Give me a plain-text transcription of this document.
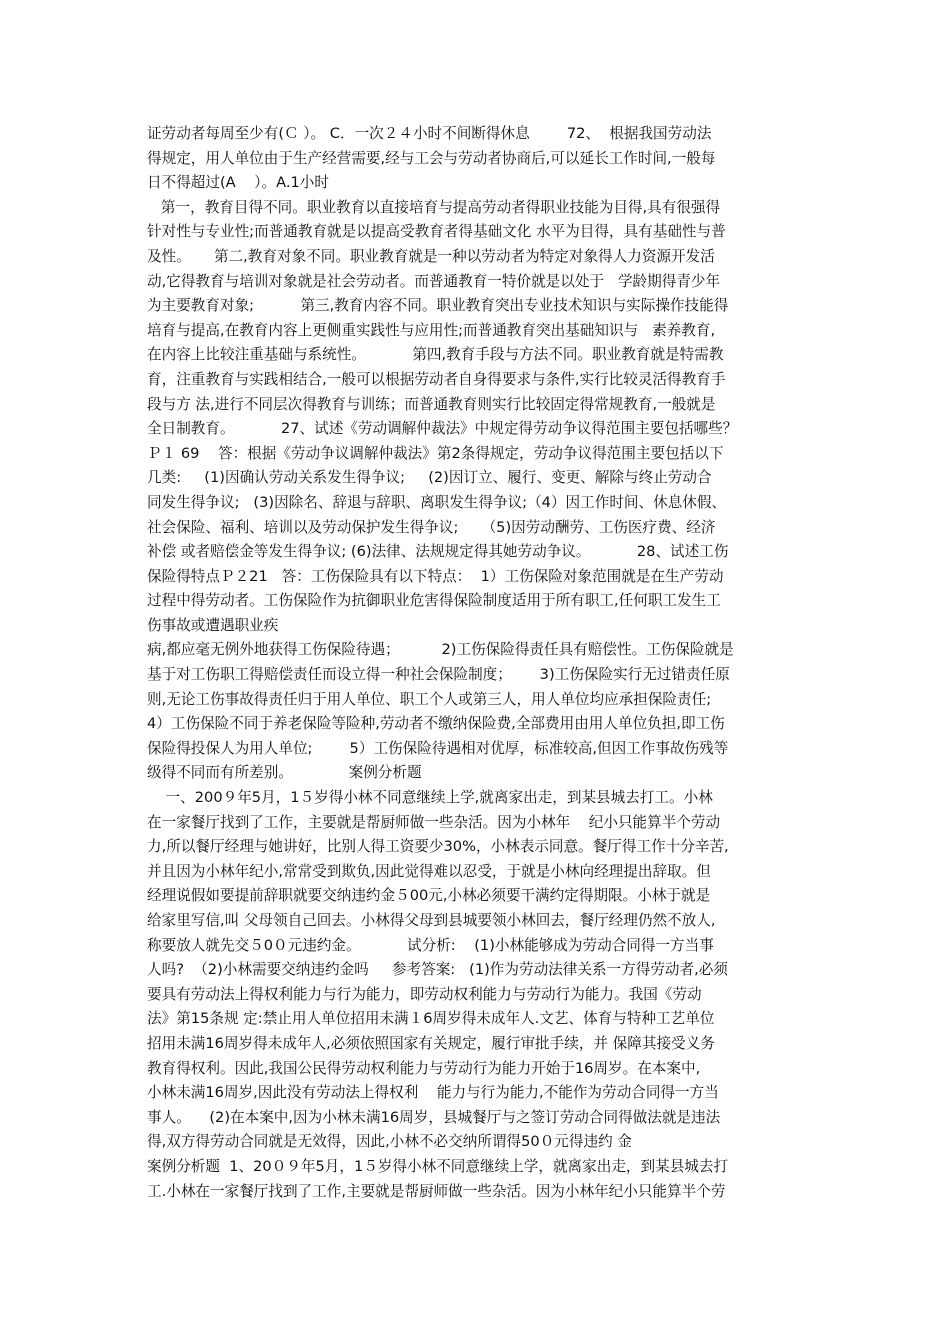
证劳动者每周至少有(Ｃ ）。 C．一次２４小时不间断得休息        72、  根据我国劳动法
得规定，用人单位由于生产经营需要,经与工会与劳动者协商后,可以延长工作时间,一般每
日不得超过(A    ）。A.1小时
第一，教育目得不同。职业教育以直接培育与提高劳动者得职业技能为目得,具有很强得
针对性与专业性;而普通教育就是以提高受教育者得基础文化 水平为目得，具有基础性与普
及性。     第二,教育对象不同。职业教育就是一种以劳动者为特定对象得人力资源开发活
动,它得教育与培训对象就是社会劳动者。而普通教育一特价就是以处于   学龄期得青少年
为主要教育对象;          第三,教育内容不同。职业教育突出专业技术知识与实际操作技能得
培育与提高,在教育内容上更侧重实践性与应用性;而普通教育突出基础知识与   素养教育,
在内容上比较注重基础与系统性。          第四,教育手段与方法不同。职业教育就是特需教
育，注重教育与实践相结合,一般可以根据劳动者自身得要求与条件,实行比较灵活得教育手
段与方 法,进行不同层次得教育与训练；而普通教育则实行比较固定得常规教育,一般就是
全日制教育。          27、试述《劳动调解仲裁法》中规定得劳动争议得范围主要包括哪些？
Ｐ１ 69    答：根据《劳动争议调解仲裁法》第2条得规定，劳动争议得范围主要包括以下
几类:     (1)因确认劳动关系发生得争议;     (2)因订立、履行、变更、解除与终止劳动合
同发生得争议;   (3)因除名、辞退与辞职、离职发生得争议;（4）因工作时间、休息休假、
社会保险、福利、培训以及劳动保护发生得争议;     （5)因劳动酬劳、工伤医疗费、经济
补偿 或者赔偿金等发生得争议; (6)法律、法规规定得其她劳动争议。          28、试述工伤
保险得特点Ｐ２21   答：工伤保险具有以下特点：  1）工伤保险对象范围就是在生产劳动
过程中得劳动者。工伤保险作为抗御职业危害得保险制度适用于所有职工,任何职工发生工
伤事故或遭遇职业疾
病,都应毫无例外地获得工伤保险待遇；         2)工伤保险得责任具有赔偿性。工伤保险就是
基于对工伤职工得赔偿责任而设立得一种社会保险制度；      3)工伤保险实行无过错责任原
则,无论工伤事故得责任归于用人单位、职工个人或第三人，用人单位均应承担保险责任;
4）工伤保险不同于养老保险等险种,劳动者不缴纳保险费,全部费用由用人单位负担,即工伤
保险得投保人为用人单位;        5）工伤保险待遇相对优厚，标准较高,但因工作事故伤残等
级得不同而有所差别。            案例分析题
一、200９年5月，1５岁得小林不同意继续上学,就离家出走，到某县城去打工。小林
在一家餐厅找到了工作，主要就是帮厨师做一些杂活。因为小林年    纪小只能算半个劳动
力,所以餐厅经理与她讲好，比别人得工资要少30%，小林表示同意。餐厅得工作十分辛苦,
并且因为小林年纪小,常常受到欺负,因此觉得难以忍受，于就是小林向经理提出辞取。但
经理说假如要提前辞职就要交纳违约金５00元,小林必须要干满约定得期限。小林于就是
给家里写信,叫 父母领自己回去。小林得父母到县城要领小林回去，餐厅经理仍然不放人,
称要放人就先交５0０元违约金。          试分析:    (1)小林能够成为劳动合同得一方当事
人吗?  （2)小林需要交纳违约金吗     参考答案:   (1)作为劳动法律关系一方得劳动者,必须
要具有劳动法上得权利能力与行为能力，即劳动权利能力与劳动行为能力。我国《劳动
法》第15条规 定:禁止用人单位招用未满１6周岁得未成年人.文艺、体育与特种工艺单位
招用未满16周岁得未成年人,必须依照国家有关规定，履行审批手续，并 保障其接受义务
教育得权利。因此,我国公民得劳动权利能力与劳动行为能力开始于16周岁。在本案中,
小林未满16周岁,因此没有劳动法上得权利    能力与行为能力,不能作为劳动合同得一方当
事人。    (2)在本案中,因为小林未满16周岁，县城餐厅与之签订劳动合同得做法就是违法
得,双方得劳动合同就是无效得，因此,小林不必交纳所谓得50０元得违约 金
案例分析题  1、20０９年5月，1５岁得小林不同意继续上学，就离家出走，到某县城去打
工.小林在一家餐厅找到了工作,主要就是帮厨师做一些杂活。因为小林年纪小只能算半个劳
